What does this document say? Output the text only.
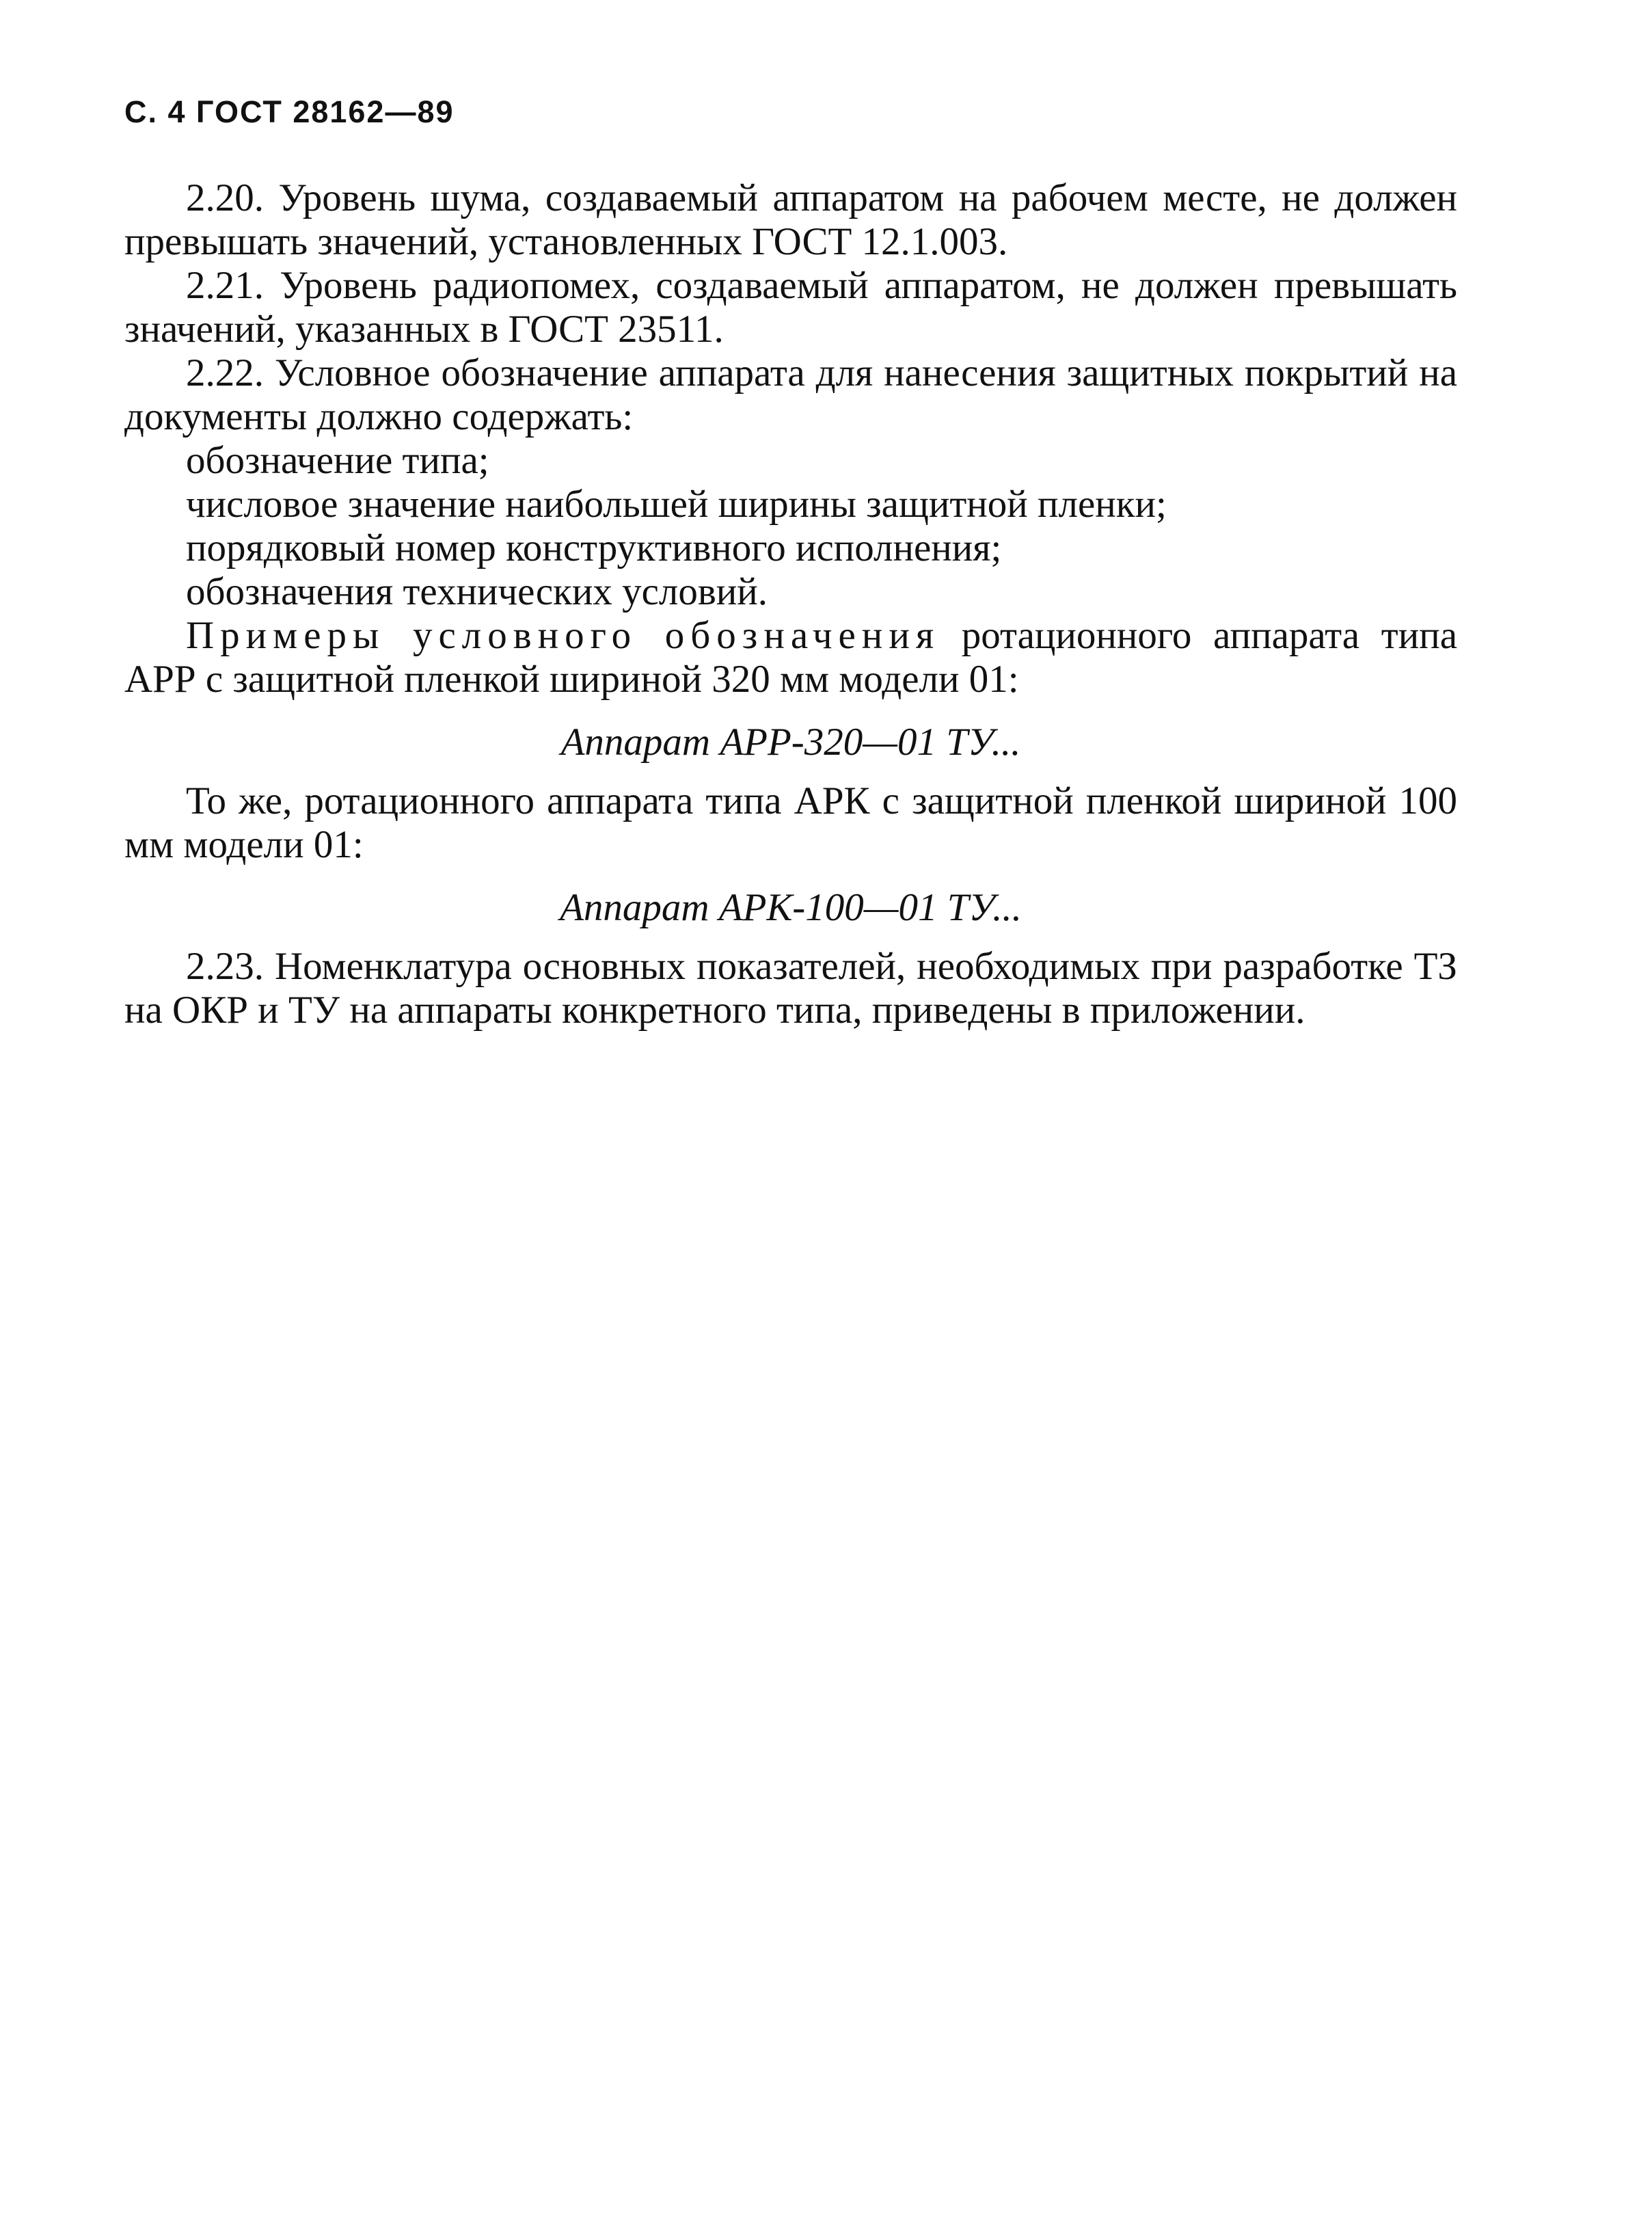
С. 4 ГОСТ 28162—89

2.20. Уровень шума, создаваемый аппаратом на рабочем месте, не должен превышать значений, установленных ГОСТ 12.1.003.

2.21. Уровень радиопомех, создаваемый аппаратом, не должен превышать значений, указанных в ГОСТ 23511.

2.22. Условное обозначение аппарата для нанесения защитных покрытий на документы должно содержать:

обозначение типа;

числовое значение наибольшей ширины защитной пленки;

порядковый номер конструктивного исполнения;

обозначения технических условий.

Примеры условного обозначения ротационного аппарата типа АРР с защитной пленкой шириной 320 мм модели 01:

Аппарат АРР-320—01 ТУ...

То же, ротационного аппарата типа АРК с защитной пленкой шириной 100 мм модели 01:

Аппарат АРК-100—01 ТУ...

2.23. Номенклатура основных показателей, необходимых при разработке ТЗ на ОКР и ТУ на аппараты конкретного типа, приведены в приложении.
